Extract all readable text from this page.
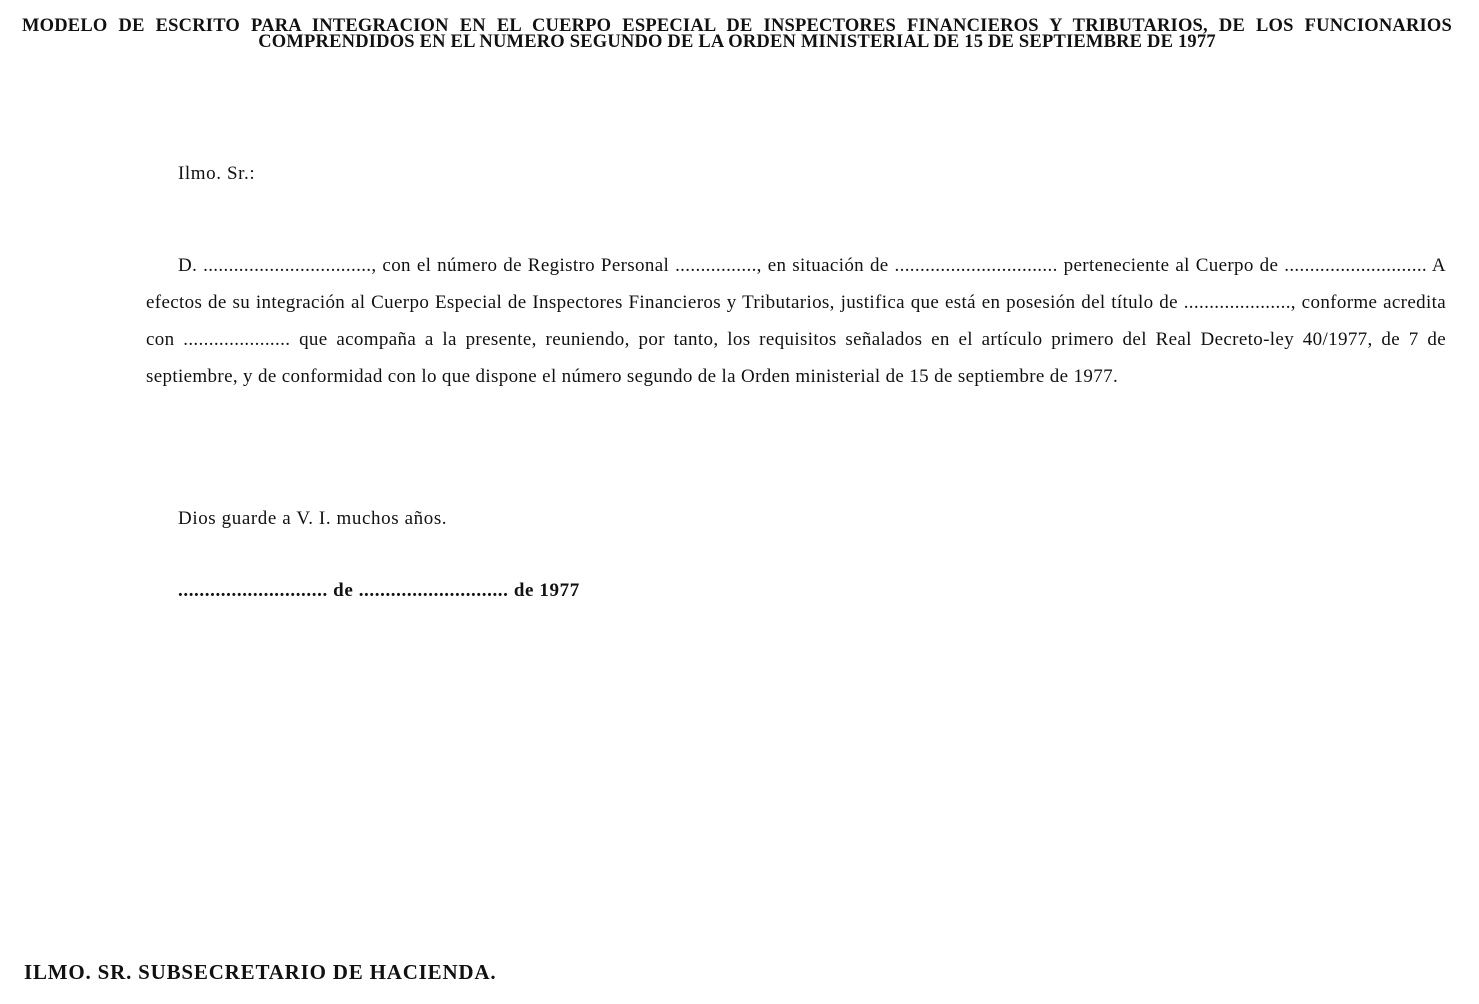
MODELO DE ESCRITO PARA INTEGRACION EN EL CUERPO ESPECIAL DE INSPECTORES FINANCIEROS Y TRIBUTARIOS, DE LOS FUNCIONARIOS COMPRENDIDOS EN EL NUMERO SEGUNDO DE LA ORDEN MINISTERIAL DE 15 DE SEPTIEMBRE DE 1977

Ilmo. Sr.:

D. ................................., con el número de Registro Personal ................, en situación de ................................ perteneciente al Cuerpo de ............................ A efectos de su integración al Cuerpo Especial de Inspectores Financieros y Tributarios, justifica que está en posesión del título de ....................., conforme acredita con ..................... que acompaña a la presente, reuniendo, por tanto, los requisitos señalados en el artículo primero del Real Decreto-ley 40/1977, de 7 de septiembre, y de conformidad con lo que dispone el número segundo de la Orden ministerial de 15 de septiembre de 1977.

Dios guarde a V. I. muchos años.

............................ de ............................ de 1977

ILMO. SR. SUBSECRETARIO DE HACIENDA.
